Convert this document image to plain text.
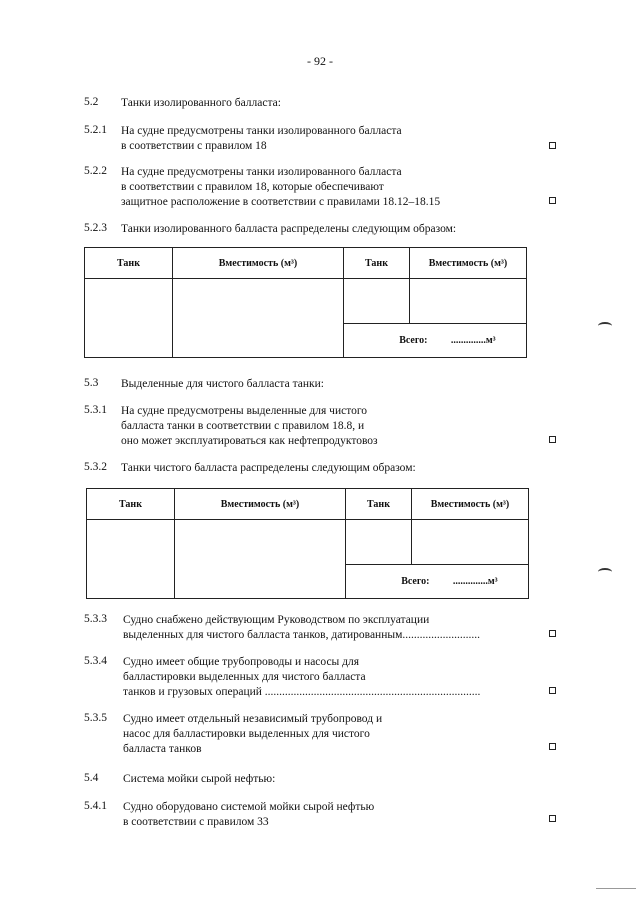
- 92 -
5.2 Танки изолированного балласта:
5.2.1 На судне предусмотрены танки изолированного балласта
в соответствии с правилом 18
5.2.2 На судне предусмотрены танки изолированного балласта
в соответствии с правилом 18, которые обеспечивают
защитное расположение в соответствии с правилами 18.12–18.15
5.2.3 Танки изолированного балласта распределены следующим образом:
Танк	Вместимость (м³)	Танк	Вместимость (м³)

		Всего: ..............м³	
5.3 Выделенные для чистого балласта танки:
5.3.1 На судне предусмотрены выделенные для чистого
балласта танки в соответствии с правилом 18.8, и
оно может эксплуатироваться как нефтепродуктовоз
5.3.2 Танки чистого балласта распределены следующим образом:
Танк	Вместимость (м³)	Танк	Вместимость (м³)

		Всего: ..............м³	
5.3.3 Судно снабжено действующим Руководством по эксплуатации
выделенных для чистого балласта танков, датированным...........................
5.3.4 Судно имеет общие трубопроводы и насосы для
балластировки выделенных для чистого балласта
танков и грузовых операций ...........................................................................
5.3.5 Судно имеет отдельный независимый трубопровод и
насос для балластировки выделенных для чистого
балласта танков
5.4 Система мойки сырой нефтью:
5.4.1 Судно оборудовано системой мойки сырой нефтью
в соответствии с правилом 33
